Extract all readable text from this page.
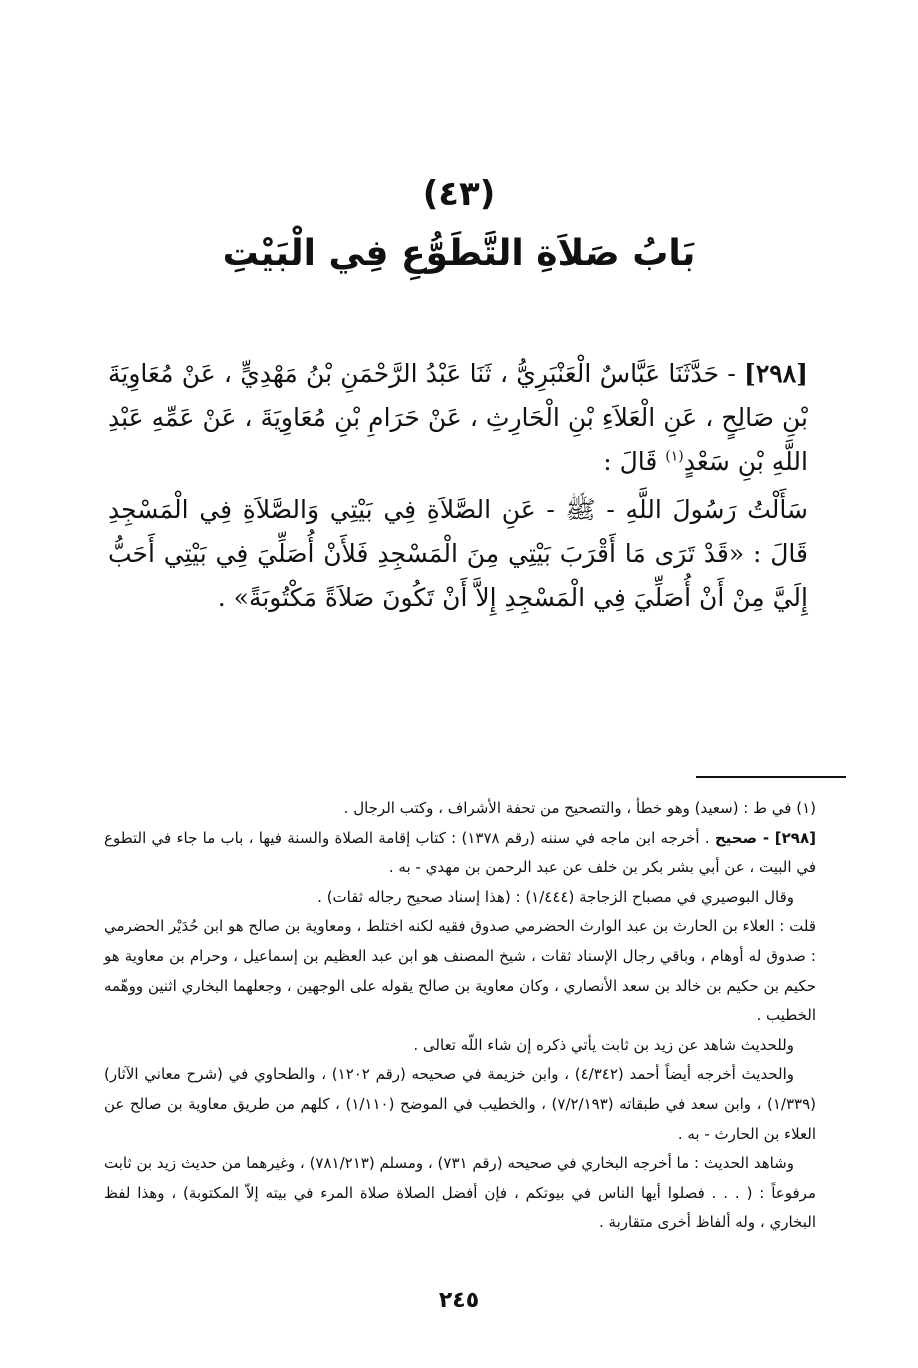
(٤٣)
بَابُ صَلاَةِ التَّطَوُّعِ فِي الْبَيْتِ

[٢٩٨] - حَدَّثَنَا عَبَّاسٌ الْعَنْبَرِيُّ ، ثَنَا عَبْدُ الرَّحْمَنِ بْنُ مَهْدِيٍّ ، عَنْ مُعَاوِيَةَ بْنِ صَالِحٍ ، عَنِ الْعَلاَءِ بْنِ الْحَارِثِ ، عَنْ حَرَامِ بْنِ مُعَاوِيَةَ ، عَنْ عَمِّهِ عَبْدِ اللَّهِ بْنِ سَعْدٍ$^{(١)}$ قَالَ :

سَأَلْتُ رَسُولَ اللَّهِ - ﷺ - عَنِ الصَّلاَةِ فِي بَيْتِي وَالصَّلاَةِ فِي الْمَسْجِدِ قَالَ : «قَدْ تَرَى مَا أَقْرَبَ بَيْتِي مِنَ الْمَسْجِدِ فَلأَنْ أُصَلِّيَ فِي بَيْتِي أَحَبُّ إِلَيَّ مِنْ أَنْ أُصَلِّيَ فِي الْمَسْجِدِ إِلاَّ أَنْ تَكُونَ صَلاَةً مَكْتُوبَةً» .

(١) في ط : (سعيد) وهو خطأ ، والتصحيح من تحفة الأشراف ، وكتب الرجال .

[٢٩٨] - صحيح . أخرجه ابن ماجه في سننه (رقم ١٣٧٨) : كتاب إقامة الصلاة والسنة فيها ، باب ما جاء في التطوع في البيت ، عن أبي بشر بكر بن خلف عن عبد الرحمن بن مهدي - به .

وقال البوصيري في مصباح الزجاجة (١/٤٤٤) : (هذا إسناد صحيح رجاله ثقات) .

قلت : العلاء بن الحارث بن عبد الوارث الحضرمي صدوق فقيه لكنه اختلط ، ومعاوية بن صالح هو ابن حُدَيْر الحضرمي : صدوق له أوهام ، وباقي رجال الإسناد ثقات ، شيخ المصنف هو ابن عبد العظيم بن إسماعيل ، وحرام بن معاوية هو حكيم بن حكيم بن خالد بن سعد الأنصاري ، وكان معاوية بن صالح يقوله على الوجهين ، وجعلهما البخاري اثنين ووهّمه الخطيب .

وللحديث شاهد عن زيد بن ثابت يأتي ذكره إن شاء اللّه تعالى .

والحديث أخرجه أيضاً أحمد (٤/٣٤٢) ، وابن خزيمة في صحيحه (رقم ١٢٠٢) ، والطحاوي في (شرح معاني الآثار) (١/٣٣٩) ، وابن سعد في طبقاته (٧/٢/١٩٣) ، والخطيب في الموضح (١/١١٠) ، كلهم من طريق معاوية بن صالح عن العلاء بن الحارث - به .

وشاهد الحديث : ما أخرجه البخاري في صحيحه (رقم ٧٣١) ، ومسلم (٧٨١/٢١٣) ، وغيرهما من حديث زيد بن ثابت مرفوعاً : ( . . . فصلوا أيها الناس في بيوتكم ، فإن أفضل الصلاة صلاة المرء في بيته إلاّ المكتوبة) ، وهذا لفظ البخاري ، وله ألفاظ أخرى متقاربة .

٢٤٥
